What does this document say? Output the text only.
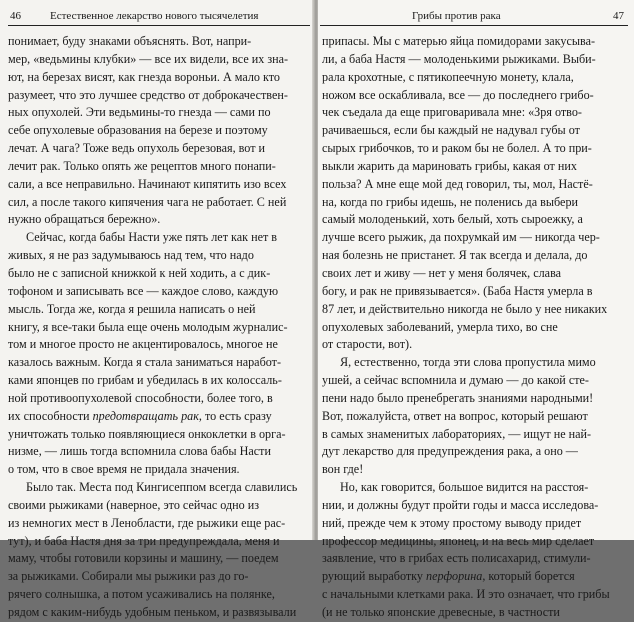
46	Естественное лекарство нового тысячелетия
понимает, буду знаками объяснять. Вот, напри-
мер, «ведьмины клубки» — все их видели, все их зна-
ют, на березах висят, как гнезда вороньи. А мало кто
разумеет, что это лучшее средство от доброкачествен-
ных опухолей. Эти ведьмины-то гнезда — сами по
себе опухолевые образования на березе и поэтому
лечат. А чага? Тоже ведь опухоль березовая, вот и
лечит рак. Только опять же рецептов много понапи-
сали, а все неправильно. Начинают кипятить изо всех
сил, а после такого кипячения чага не работает. С ней
нужно обращаться бережно».
Сейчас, когда бабы Насти уже пять лет как нет в
живых, я не раз задумываюсь над тем, что надо
было не с записной книжкой к ней ходить, а с дик-
тофоном и записывать все — каждое слово, каждую
мысль. Тогда же, когда я решила написать о ней
книгу, я все-таки была еще очень молодым журналис-
том и многое просто не акцентировалось, многое не
казалось важным. Когда я стала заниматься наработ-
ками японцев по грибам и убедилась в их колоссаль-
ной противоопухолевой способности, более того, в
их способности предотвращать рак, то есть сразу
уничтожать только появляющиеся онкоклетки в орга-
низме, — лишь тогда вспомнила слова бабы Насти
о том, что в свое время не придала значения.
Было так. Места под Кингисеппом всегда славились
своими рыжиками (наверное, это сейчас одно из
из немногих мест в Ленобласти, где рыжики еще рас-
тут), и баба Настя дня за три предупреждала, меня и
маму, чтобы готовили корзины и машину, — поедем
за рыжиками. Собирали мы рыжики раз до го-
рячего солнышка, а потом усаживались на полянке,
рядом с каким-нибудь удобным пеньком, и развязывали
Грибы против рака	47
припасы. Мы с матерью яйца помидорами закусыва-
ли, а баба Настя — молоденькими рыжиками. Выби-
рала крохотные, с пятикопеечную монету, клала,
ножом все оскабливала, все — до последнего грибо-
чек съедала да еще приговаривала мне: «Зря отво-
рачиваешься, если бы каждый не надувал губы от
сырых грибочков, то и раком бы не болел. А то при-
выкли жарить да мариновать грибы, какая от них
польза? А мне еще мой дед говорил, ты, мол, Настё-
на, когда по грибы идешь, не поленись да выбери
самый молоденький, хоть белый, хоть сыроежку, а
лучше всего рыжик, да похрумкай им — никогда чер-
ная болезнь не пристанет. Я так всегда и делала, до
своих лет и живу — нет у меня болячек, слава
богу, и рак не привязывается». (Баба Настя умерла в
87 лет, и действительно никогда не было у нее никаких
опухолевых заболеваний, умерла тихо, во сне
от старости, вот).
Я, естественно, тогда эти слова пропустила мимо
ушей, а сейчас вспомнила и думаю — до какой сте-
пени надо было пренебрегать знаниями народными!
Вот, пожалуйста, ответ на вопрос, который решают
в самых знаменитых лабораториях, — ищут не най-
дут лекарство для предупреждения рака, а оно —
вон где!
Но, как говорится, большое видится на расстоя-
нии, и должны будут пройти годы и масса исследова-
ний, прежде чем к этому простому выводу придет
профессор медицины, японец, и на весь мир сделает
заявление, что в грибах есть полисахарид, стимули-
рующий выработку перфорина, который борется
с начальными клетками рака. И это означает, что грибы
(и не только японские древесные, в частности
